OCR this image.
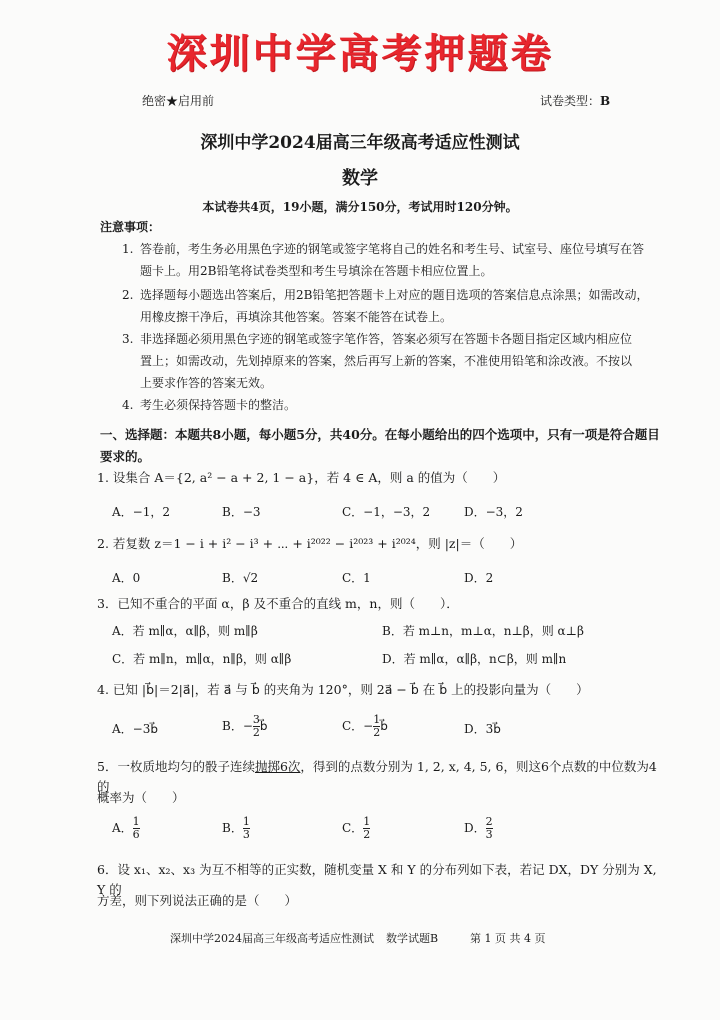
深圳中学高考押题卷
绝密★启用前	试卷类型：B
深圳中学2024届高三年级高考适应性测试
数学
本试卷共4页，19小题，满分150分，考试用时120分钟。
注意事项：
1. 答卷前，考生务必用黑色字迹的钢笔或签字笔将自己的姓名和考生号、试室号、座位号填写在答
题卡上。用2B铅笔将试卷类型和考生号填涂在答题卡相应位置上。
2. 选择题每小题选出答案后，用2B铅笔把答题卡上对应的题目选项的答案信息点涂黑；如需改动，
用橡皮擦干净后，再填涂其他答案。答案不能答在试卷上。
3. 非选择题必须用黑色字迹的钢笔或签字笔作答，答案必须写在答题卡各题目指定区域内相应位
置上；如需改动，先划掉原来的答案，然后再写上新的答案，不准使用铅笔和涂改液。不按以
上要求作答的答案无效。
4. 考生必须保持答题卡的整洁。
一、选择题：本题共8小题，每小题5分，共40分。在每小题给出的四个选项中，只有一项是符合题目要求的。
1. 设集合 A＝{2, a² − a + 2, 1 − a}，若 4 ∈ A，则 a 的值为（　　）
A．−1，2	B．−3	C．−1，−3，2	D．−3，2
2. 若复数 z＝1 − i + i² − i³ + ⋯ + i²⁰²² − i²⁰²³ + i²⁰²⁴，则 |z|＝（　　）
A．0	B．√2	C．1	D．2
3．已知不重合的平面 α，β 及不重合的直线 m，n，则（　　）．
A．若 m∥α，α∥β，则 m∥β	B．若 m⊥n，m⊥α，n⊥β，则 α⊥β
C．若 m∥n，m∥α，n∥β，则 α∥β	D．若 m∥α，α∥β，n⊂β，则 m∥n
4. 已知 |b⃗|＝2|a⃗|，若 a⃗ 与 b⃗ 的夹角为 120°，则 2a⃗ − b⃗ 在 b⃗ 上的投影向量为（　　）
A．−3b⃗	B．− $\frac{3}{2}$ b⃗	C．− $\frac{1}{2}$ b⃗	D．3b⃗
5．一枚质地均匀的骰子连续抛掷6次，得到的点数分别为 1, 2, x, 4, 5, 6，则这6个点数的中位数为4的
概率为（　　）
A． $\frac{1}{6}$	B． $\frac{1}{3}$	C． $\frac{1}{2}$	D． $\frac{2}{3}$
6．设 x₁、x₂、x₃ 为互不相等的正实数，随机变量 X 和 Y 的分布列如下表，若记 DX，DY 分别为 X, Y 的
方差，则下列说法正确的是（　　）
深圳中学2024届高三年级高考适应性测试 数学试题B	第 1 页 共 4 页
